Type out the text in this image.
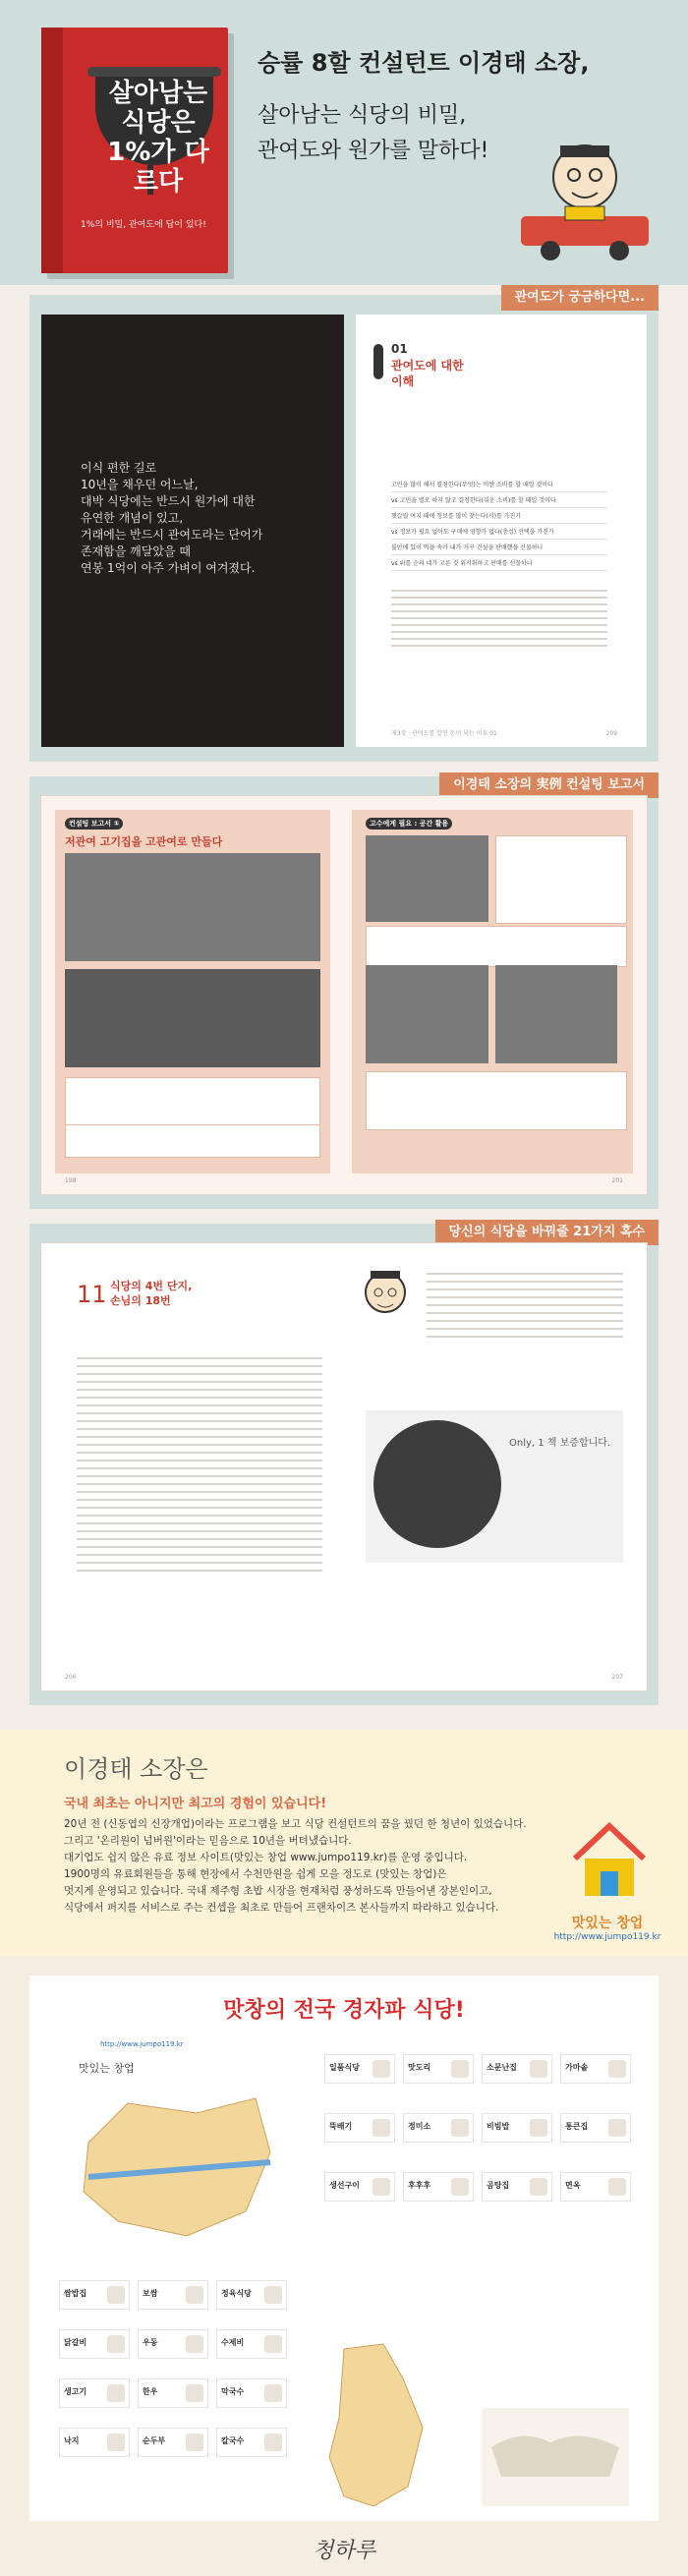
살아남는 식당은 1%가 다르다
1%의 비밀, 관여도에 답이 있다!
승률 8할 컨설턴트 이경태 소장,
살아남는 식당의 비밀,
관여도와 원가를 말하다!
관여도가 궁금하다면...
이식 편한 길로
10년을 채우던 어느날,
대박 식당에는 반드시 원가에 대한
유연한 개념이 있고,
거래에는 반드시 관여도라는 단어가
존재함을 깨달았을 때
연봉 1억이 아주 가벼이 여겨졌다.
01
관여도에 대한
이해
고민을 많이 해서 결정한다(무엇)는 비싼 소비를 할 때일 것이다
vs 고민을 별로 하지 않고 결정한다(쉬운 소비)를 할 때일 것이다
헷갈릴 여지 때에 정보를 많이 찾는다(서)를 가진가
vs 정보가 필요 없어도 구매에 영향가 없다(충성) 선택을 가진가
불안에 있어 먹을 속마 내가 거구 건설을 판매했을 선물하나
vs 위를 순의 네가 고른 것 위서워하고 판매를 선물하나
제3장 · 관여도를 알면 돈이 되는 이유 01	209
이경태 소장의 実例 컨설팅 보고서
컨설팅 보고서 ①
저관여 고기집을 고관여로 만들다
고수에게 필요 : 공간 활용
198	201
당신의 식당을 바꿔줄 21가지 혹수
11 식당의 4번 단지,
손님의 18번
Only, 1 책 보증합니다.
206	207
이경태 소장은
국내 최초는 아니지만 최고의 경험이 있습니다!
20년 전 (신동엽의 신장개업)이라는 프로그램을 보고 식당 컨설턴트의 꿈을 꿨던 한 청년이 있었습니다.
그리고 '온리원이 넘버원'이라는 믿음으로 10년을 버텨냈습니다.
대기업도 쉽지 않은 유료 정보 사이트(맛있는 창업 www.jumpo119.kr)를 운영 중입니다.
1900명의 유료회원들을 통해 현장에서 수천만원을 쉽게 모을 정도로 (맛있는 창업)은
멋지게 운영되고 있습니다. 국내 제주형 초밥 시장을 현재처럼 풍성하도록 만들어낸 장본인이고,
식당에서 퍼지를 서비스로 주는 컨셉을 최초로 만들어 프랜차이즈 본사들까지 따라하고 있습니다.
맛있는 창업
http://www.jumpo119.kr
맛창의 전국 경자파 식당!
http://www.jumpo119.kr
맛있는 창업	일품식당	맛도리	소문난집	가마솥
뚝배기	정미소	비빔밥	통큰집
생선구이	후후후	곰탕집	면옥
쌈밥집	보쌈	정육식당
닭갈비	우동	수제비
생고기	한우	막국수
낙지	순두부	칼국수
청하루
